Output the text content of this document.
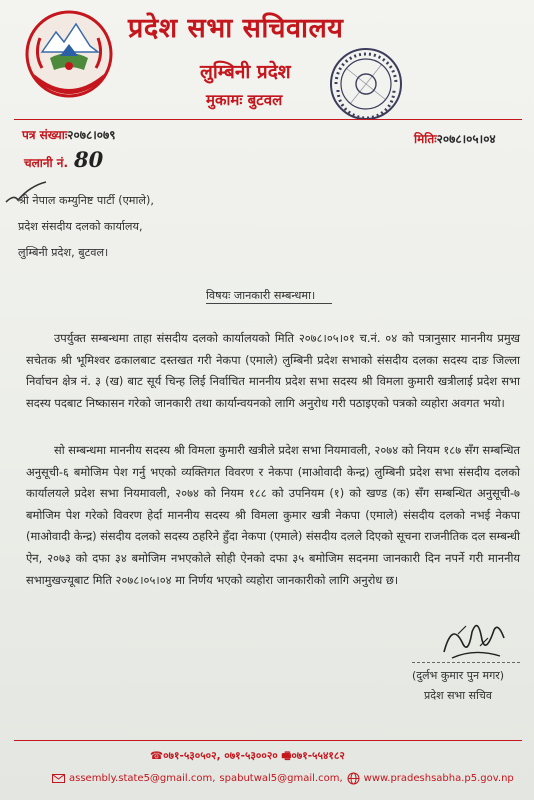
प्रदेश सभा सचिवालय
लुम्बिनी प्रदेश
मुकामः बुटवल
पत्र संख्याः२०७८।०७९
चलानी नं. 80
मितिः२०७८।०५।०४
श्री नेपाल कम्युनिष्ट पार्टी (एमाले),
प्रदेश संसदीय दलको कार्यालय,
लुम्बिनी प्रदेश, बुटवल।
विषयः जानकारी सम्बन्धमा।
उपर्युक्त सम्बन्धमा ताहा संसदीय दलको कार्यालयको मिति २०७८।०५।०१ च.नं. ०४ को पत्रानुसार माननीय प्रमुख सचेतक श्री भूमिश्वर ढकालबाट दस्तखत गरी नेकपा (एमाले) लुम्बिनी प्रदेश सभाको संसदीय दलका सदस्य दाङ जिल्ला निर्वाचन क्षेत्र नं. ३ (ख) बाट सूर्य चिन्ह लिई निर्वाचित माननीय प्रदेश सभा सदस्य श्री विमला कुमारी खत्रीलाई प्रदेश सभा सदस्य पदबाट निष्कासन गरेको जानकारी तथा कार्यान्वयनको लागि अनुरोध गरी पठाइएको पत्रको व्यहोरा अवगत भयो।
सो सम्बन्धमा माननीय सदस्य श्री विमला कुमारी खत्रीले प्रदेश सभा नियमावली, २०७४ को नियम १८७ सँग सम्बन्धित अनुसूची-६ बमोजिम पेश गर्नु भएको व्यक्तिगत विवरण र नेकपा (माओवादी केन्द्र) लुम्बिनी प्रदेश सभा संसदीय दलको कार्यालयले प्रदेश सभा नियमावली, २०७४ को नियम १८८ को उपनियम (१) को खण्ड (क) सँग सम्बन्धित अनुसूची-७ बमोजिम पेश गरेको विवरण हेर्दा माननीय सदस्य श्री विमला कुमार खत्री नेकपा (एमाले) संसदीय दलको नभई नेकपा (माओवादी केन्द्र) संसदीय दलको सदस्य ठहरिने हुँदा नेकपा (एमाले) संसदीय दलले दिएको सूचना राजनीतिक दल सम्बन्धी ऐन, २०७३ को दफा ३४ बमोजिम नभएकोले सोही ऐनको दफा ३५ बमोजिम सदनमा जानकारी दिन नपर्ने गरी माननीय सभामुखज्यूबाट मिति २०७८।०५।०४ मा निर्णय भएको व्यहोरा जानकारीको लागि अनुरोध छ।
(दुर्लभ कुमार पुन मगर)
प्रदेश सभा सचिव
☎०७१-५३०५०२, ०७१-५३००२० 🖷०७१-५५४१८२
assembly.state5@gmail.com, spabutwal5@gmail.com, www.pradeshsabha.p5.gov.np
